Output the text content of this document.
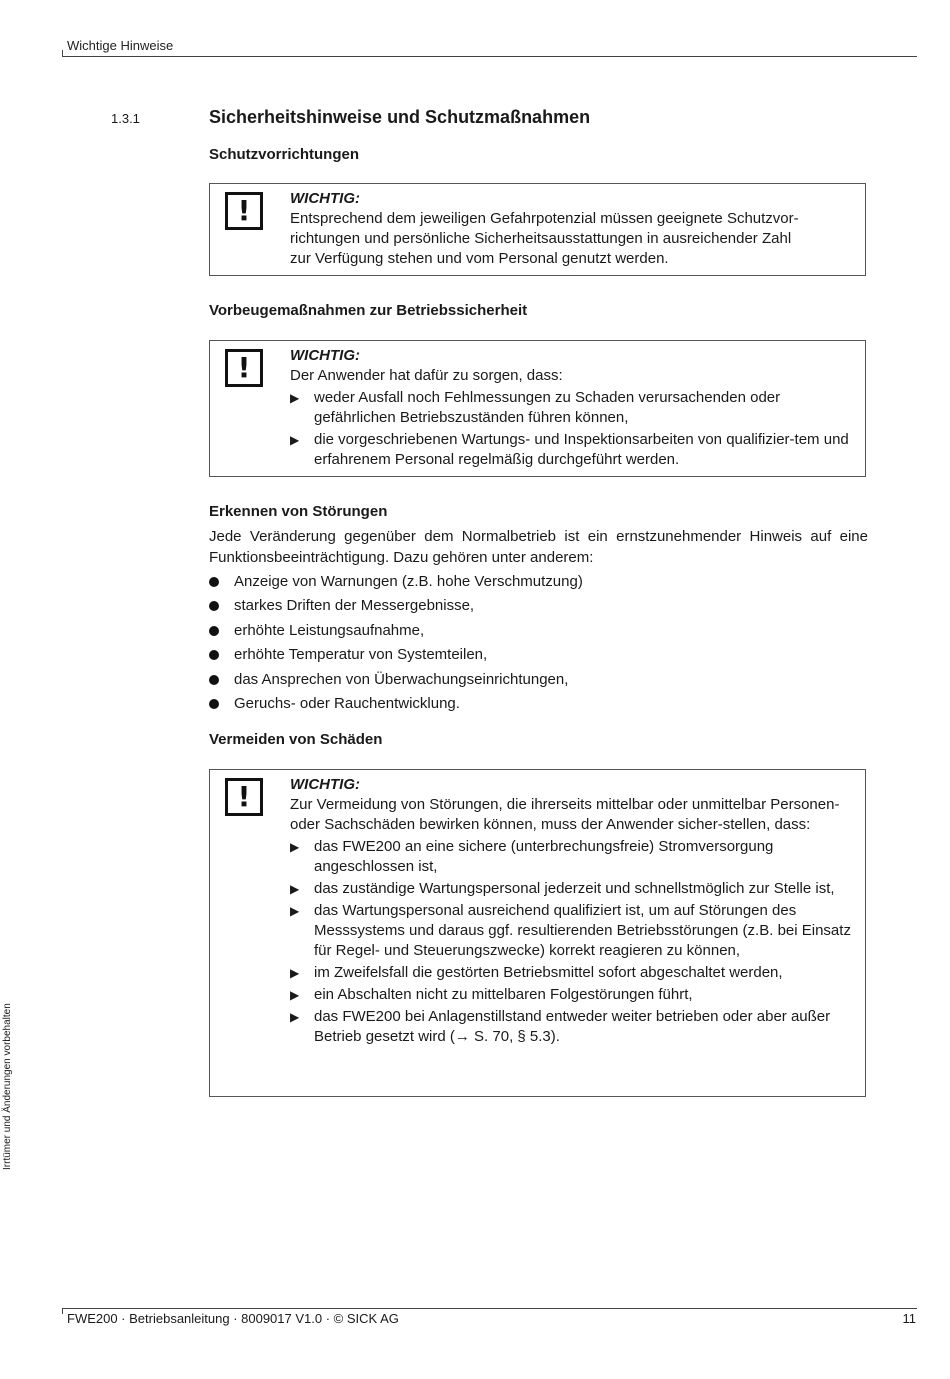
Wichtige Hinweise
1.3.1	Sicherheitshinweise und Schutzmaßnahmen
Schutzvorrichtungen
!	WICHTIG:
Entsprechend dem jeweiligen Gefahrpotenzial müssen geeignete Schutzvor-
richtungen und persönliche Sicherheitsausstattungen in ausreichender Zahl
zur Verfügung stehen und vom Personal genutzt werden.
Vorbeugemaßnahmen zur Betriebssicherheit
!	WICHTIG:
Der Anwender hat dafür zu sorgen, dass:
▶ weder Ausfall noch Fehlmessungen zu Schaden verursachenden oder gefährlichen Betriebszuständen führen können,
▶ die vorgeschriebenen Wartungs- und Inspektionsarbeiten von qualifizier-tem und erfahrenem Personal regelmäßig durchgeführt werden.
Erkennen von Störungen
Jede Veränderung gegenüber dem Normalbetrieb ist ein ernstzunehmender Hinweis auf eine Funktionsbeeinträchtigung. Dazu gehören unter anderem:
Anzeige von Warnungen (z.B. hohe Verschmutzung)
starkes Driften der Messergebnisse,
erhöhte Leistungsaufnahme,
erhöhte Temperatur von Systemteilen,
das Ansprechen von Überwachungseinrichtungen,
Geruchs- oder Rauchentwicklung.
Vermeiden von Schäden
!	WICHTIG:
Zur Vermeidung von Störungen, die ihrerseits mittelbar oder unmittelbar Personen- oder Sachschäden bewirken können, muss der Anwender sicher-stellen, dass:
▶ das FWE200 an eine sichere (unterbrechungsfreie) Stromversorgung angeschlossen ist,
▶ das zuständige Wartungspersonal jederzeit und schnellstmöglich zur Stelle ist,
▶ das Wartungspersonal ausreichend qualifiziert ist, um auf Störungen des Messsystems und daraus ggf. resultierenden Betriebsstörungen (z.B. bei Einsatz für Regel- und Steuerungszwecke) korrekt reagieren zu können,
▶ im Zweifelsfall die gestörten Betriebsmittel sofort abgeschaltet werden,
▶ ein Abschalten nicht zu mittelbaren Folgestörungen führt,
▶ das FWE200 bei Anlagenstillstand entweder weiter betrieben oder aber außer Betrieb gesetzt wird (→ S. 70, § 5.3).
Irrtümer und Änderungen vorbehalten
FWE200 · Betriebsanleitung · 8009017 V1.0 · © SICK AG	11
